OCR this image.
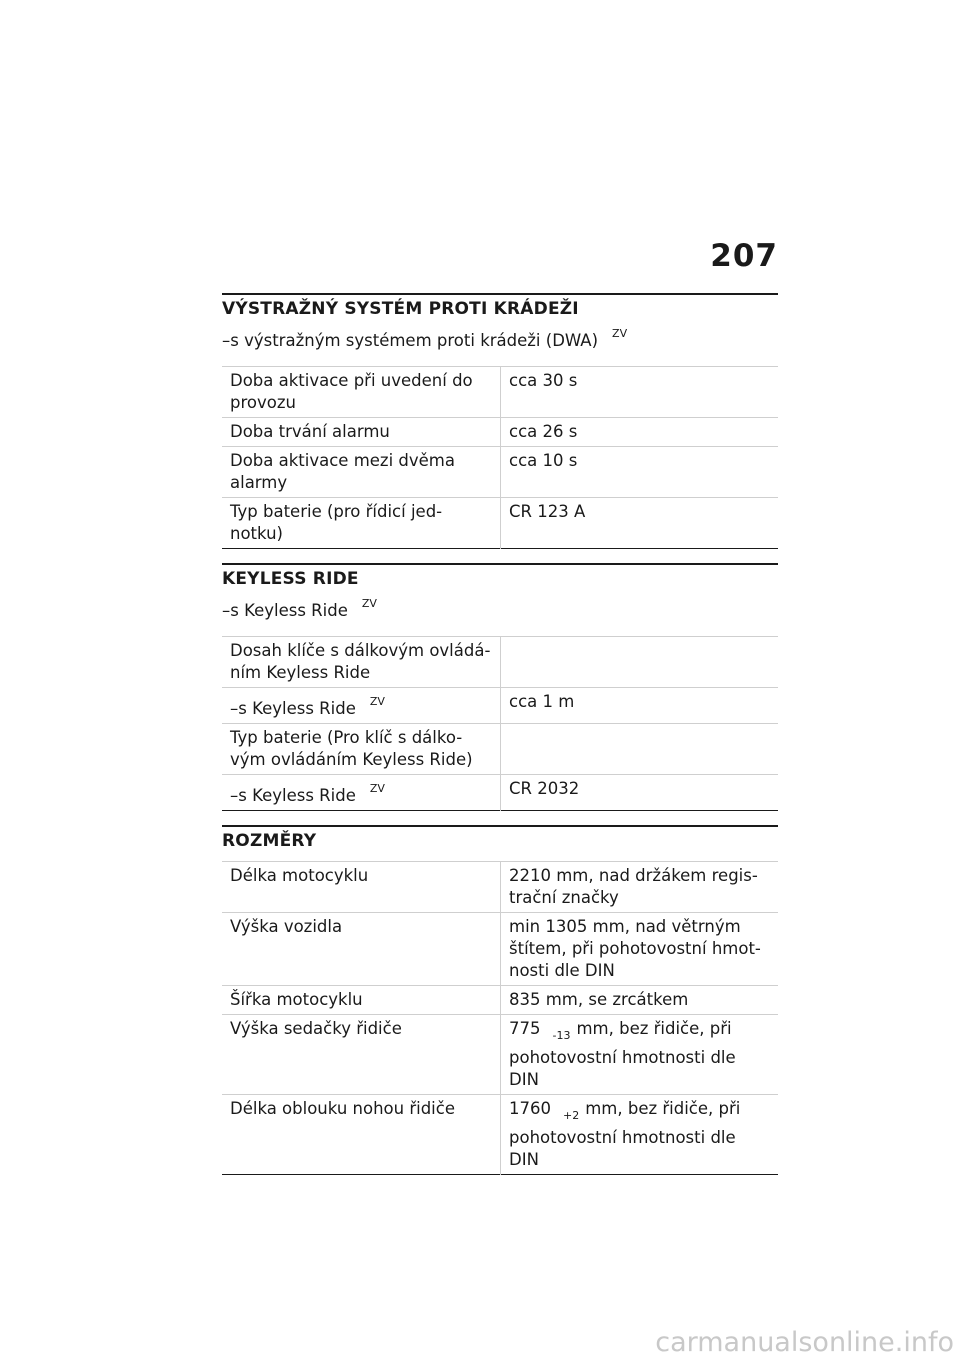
207
VÝSTRAŽNÝ SYSTÉM PROTI KRÁDEŽI
–s výstražným systémem proti krádeži (DWA) $^{ZV}$
Doba aktivace při uvedení do provozu	cca 30 s
Doba trvání alarmu	cca 26 s
Doba aktivace mezi dvěma alarmy	cca 10 s
Typ baterie (pro řídicí jed- notku)	CR 123 A
KEYLESS RIDE
–s Keyless Ride $^{ZV}$
Dosah klíče s dálkovým ovládá- ním Keyless Ride	
–s Keyless Ride $^{ZV}$	cca 1 m
Typ baterie (Pro klíč s dálko- vým ovládáním Keyless Ride)	
–s Keyless Ride $^{ZV}$	CR 2032
ROZMĚRY
Délka motocyklu	2210 mm, nad držákem regis- trační značky
Výška vozidla	min 1305 mm, nad větrným štítem, při pohotovostní hmot- nosti dle DIN
Šířka motocyklu	835 mm, se zrcátkem
Výška sedačky řidiče	775 $_{-13}$ mm, bez řidiče, při pohotovostní hmotnosti dle DIN
Délka oblouku nohou řidiče	1760 $_{+2}$ mm, bez řidiče, při pohotovostní hmotnosti dle DIN
carmanualsonline.info
